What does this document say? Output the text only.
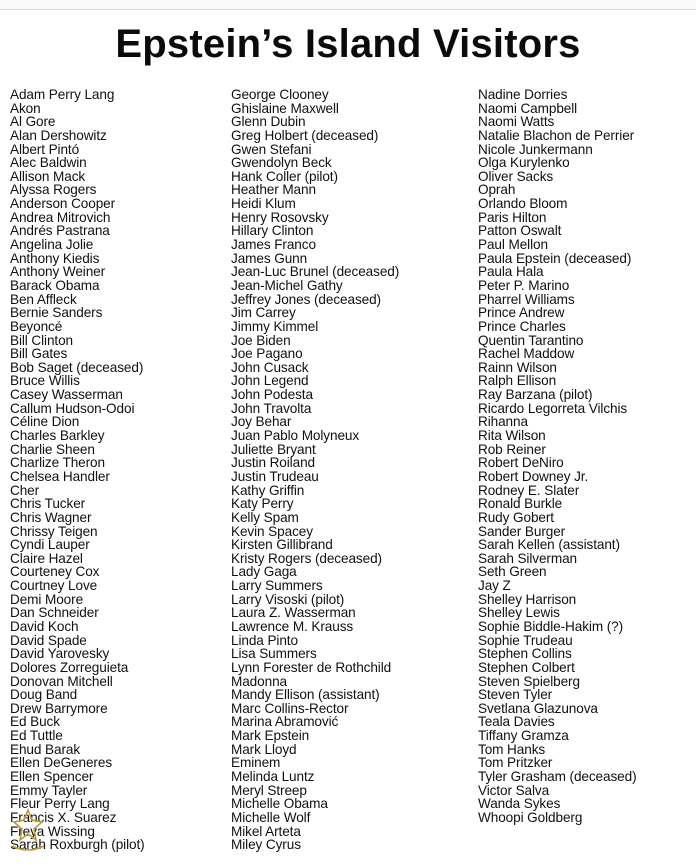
Epstein’s Island Visitors
Adam Perry Lang
Akon
Al Gore
Alan Dershowitz
Albert Pintó
Alec Baldwin
Allison Mack
Alyssa Rogers
Anderson Cooper
Andrea Mitrovich
Andrés Pastrana
Angelina Jolie
Anthony Kiedis
Anthony Weiner
Barack Obama
Ben Affleck
Bernie Sanders
Beyoncé
Bill Clinton
Bill Gates
Bob Saget (deceased)
Bruce Willis
Casey Wasserman
Callum Hudson-Odoi
Céline Dion
Charles Barkley
Charlie Sheen
Charlize Theron
Chelsea Handler
Cher
Chris Tucker
Chris Wagner
Chrissy Teigen
Cyndi Lauper
Claire Hazel
Courteney Cox
Courtney Love
Demi Moore
Dan Schneider
David Koch
David Spade
David Yarovesky
Dolores Zorreguieta
Donovan Mitchell
Doug Band
Drew Barrymore
Ed Buck
Ed Tuttle
Ehud Barak
Ellen DeGeneres
Ellen Spencer
Emmy Tayler
Fleur Perry Lang
Francis X. Suarez
Freya Wissing
Sarah Roxburgh (pilot)
George Clooney
Ghislaine Maxwell
Glenn Dubin
Greg Holbert (deceased)
Gwen Stefani
Gwendolyn Beck
Hank Coller (pilot)
Heather Mann
Heidi Klum
Henry Rosovsky
Hillary Clinton
James Franco
James Gunn
Jean-Luc Brunel (deceased)
Jean-Michel Gathy
Jeffrey Jones (deceased)
Jim Carrey
Jimmy Kimmel
Joe Biden
Joe Pagano
John Cusack
John Legend
John Podesta
John Travolta
Joy Behar
Juan Pablo Molyneux
Juliette Bryant
Justin Roiland
Justin Trudeau
Kathy Griffin
Katy Perry
Kelly Spam
Kevin Spacey
Kirsten Gillibrand
Kristy Rogers (deceased)
Lady Gaga
Larry Summers
Larry Visoski (pilot)
Laura Z. Wasserman
Lawrence M. Krauss
Linda Pinto
Lisa Summers
Lynn Forester de Rothchild
Madonna
Mandy Ellison (assistant)
Marc Collins-Rector
Marina Abramović
Mark Epstein
Mark Lloyd
Eminem
Melinda Luntz
Meryl Streep
Michelle Obama
Michelle Wolf
Mikel Arteta
Miley Cyrus
Nadine Dorries
Naomi Campbell
Naomi Watts
Natalie Blachon de Perrier
Nicole Junkermann
Olga Kurylenko
Oliver Sacks
Oprah
Orlando Bloom
Paris Hilton
Patton Oswalt
Paul Mellon
Paula Epstein (deceased)
Paula Hala
Peter P. Marino
Pharrel Williams
Prince Andrew
Prince Charles
Quentin Tarantino
Rachel Maddow
Rainn Wilson
Ralph Ellison
Ray Barzana (pilot)
Ricardo Legorreta Vilchis
Rihanna
Rita Wilson
Rob Reiner
Robert DeNiro
Robert Downey Jr.
Rodney E. Slater
Ronald Burkle
Rudy Gobert
Sander Burger
Sarah Kellen (assistant)
Sarah Silverman
Seth Green
Jay Z
Shelley Harrison
Shelley Lewis
Sophie Biddle-Hakim (?)
Sophie Trudeau
Stephen Collins
Stephen Colbert
Steven Spielberg
Steven Tyler
Svetlana Glazunova
Teala Davies
Tiffany Gramza
Tom Hanks
Tom Pritzker
Tyler Grasham (deceased)
Victor Salva
Wanda Sykes
Whoopi Goldberg
